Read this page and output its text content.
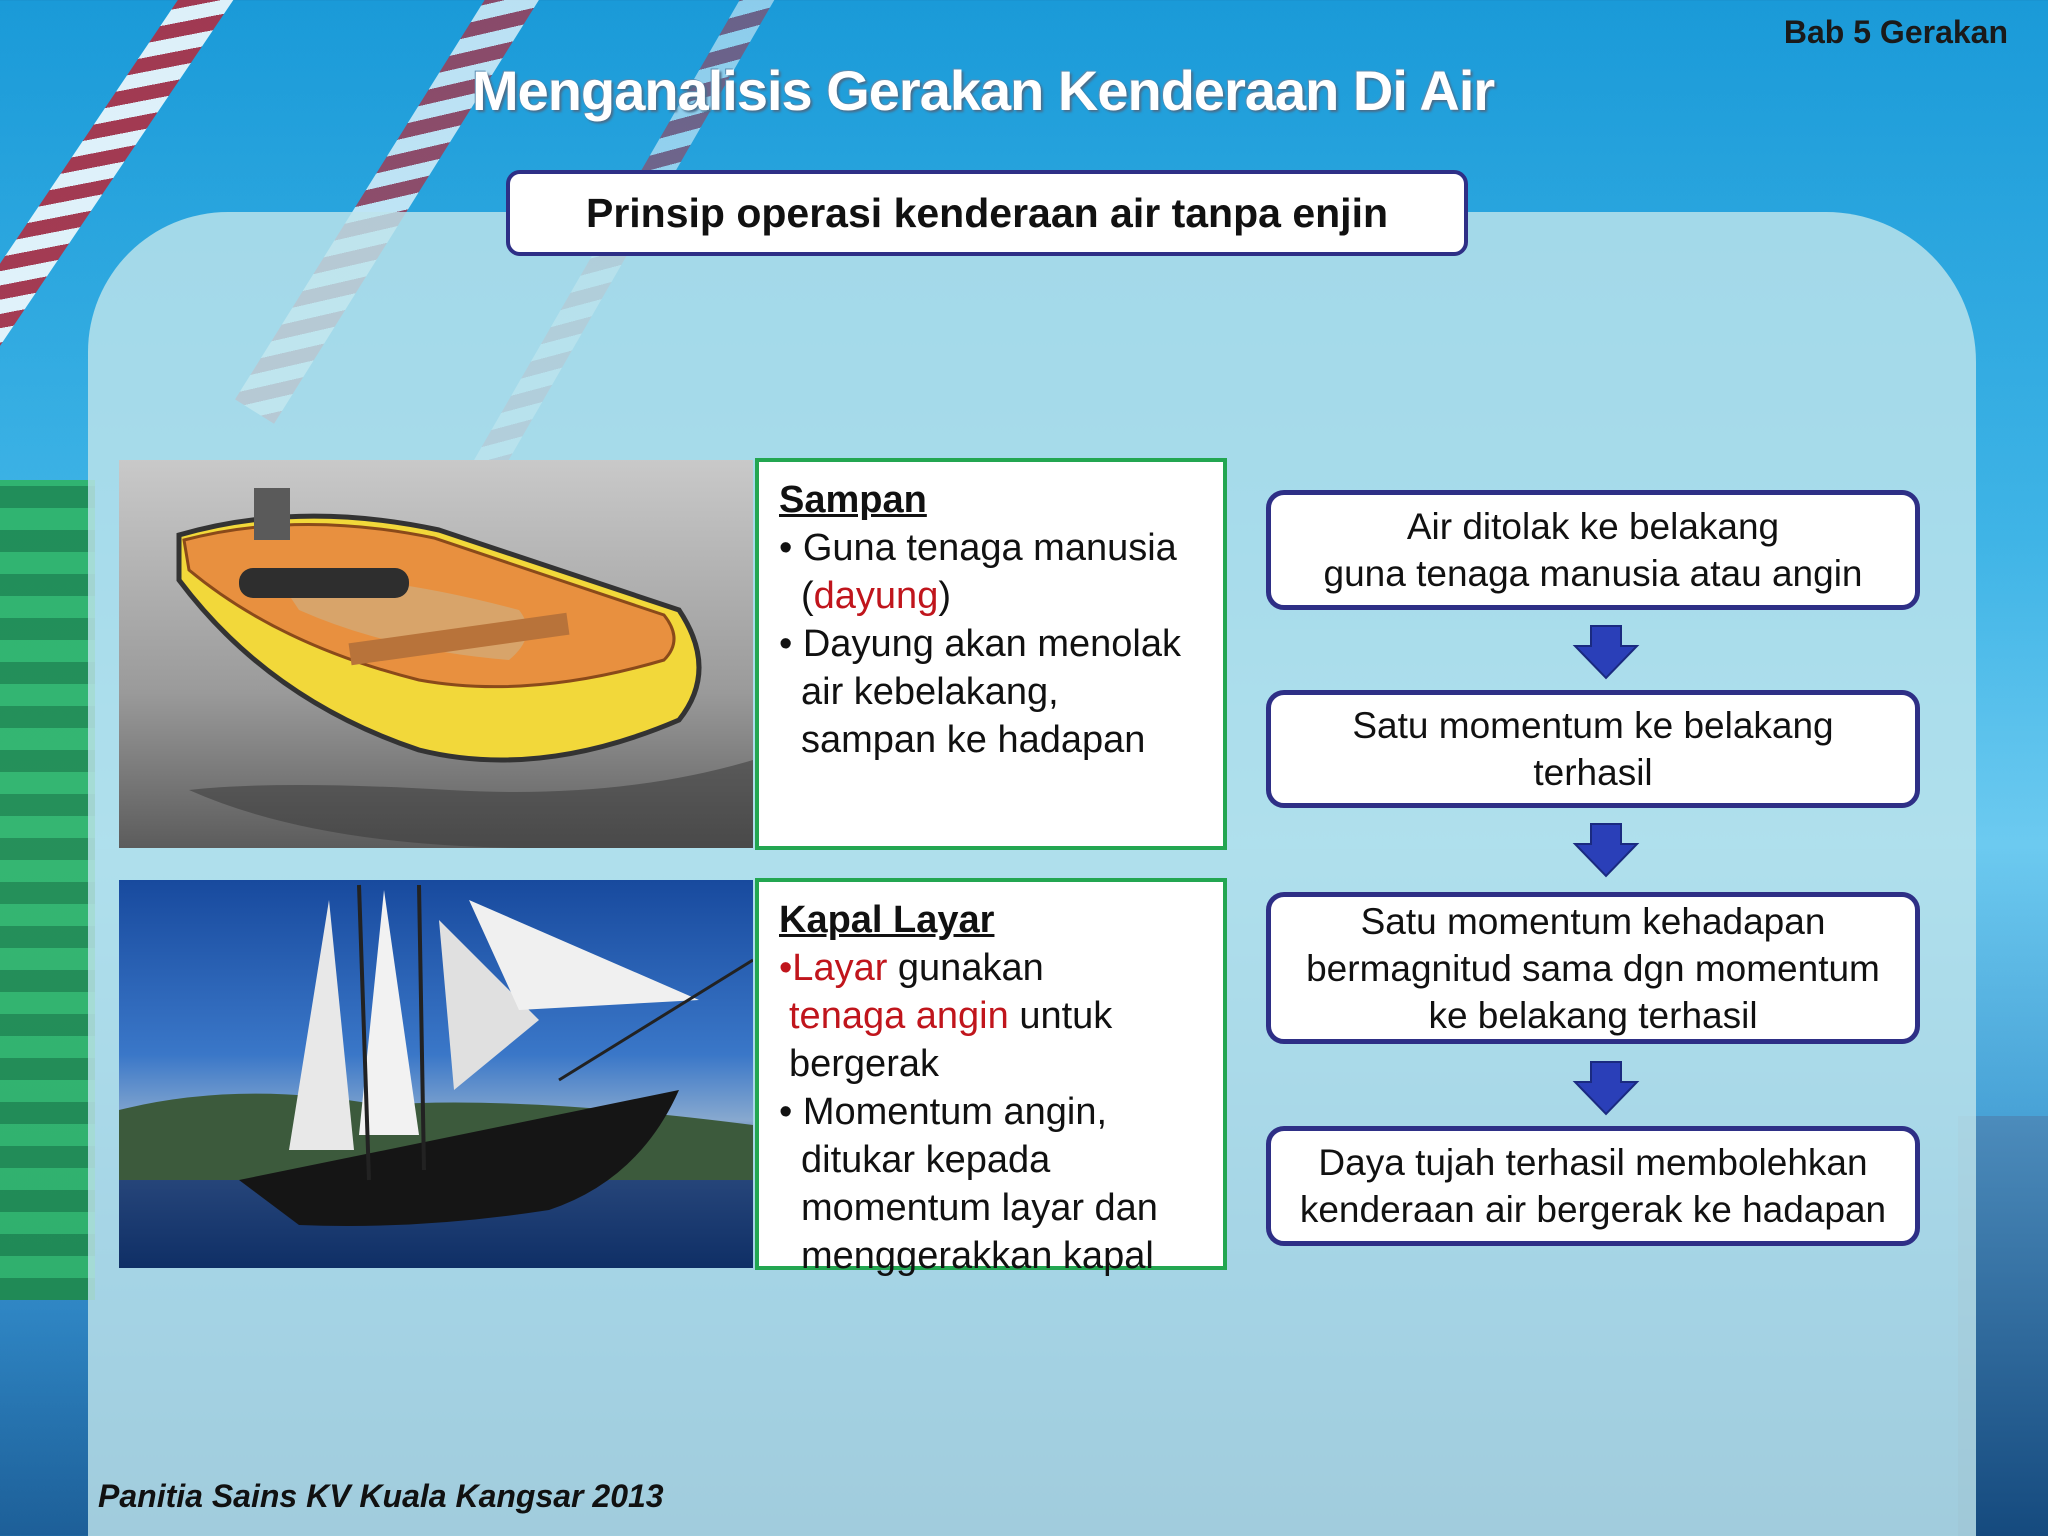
Bab 5 Gerakan
Menganalisis Gerakan Kenderaan Di Air
Prinsip operasi kenderaan air tanpa enjin
Sampan
• Guna tenaga manusia
(dayung)
• Dayung akan menolak
air kebelakang,
sampan ke hadapan
Kapal Layar
•Layar gunakan
tenaga angin untuk
bergerak
• Momentum angin,
ditukar kepada
momentum layar dan
menggerakkan kapal
Air ditolak ke belakang
guna tenaga manusia atau angin
Satu momentum ke belakang
terhasil
Satu momentum kehadapan
bermagnitud sama dgn momentum
ke belakang terhasil
Daya tujah terhasil membolehkan
kenderaan air bergerak ke hadapan
Panitia Sains KV Kuala Kangsar 2013
